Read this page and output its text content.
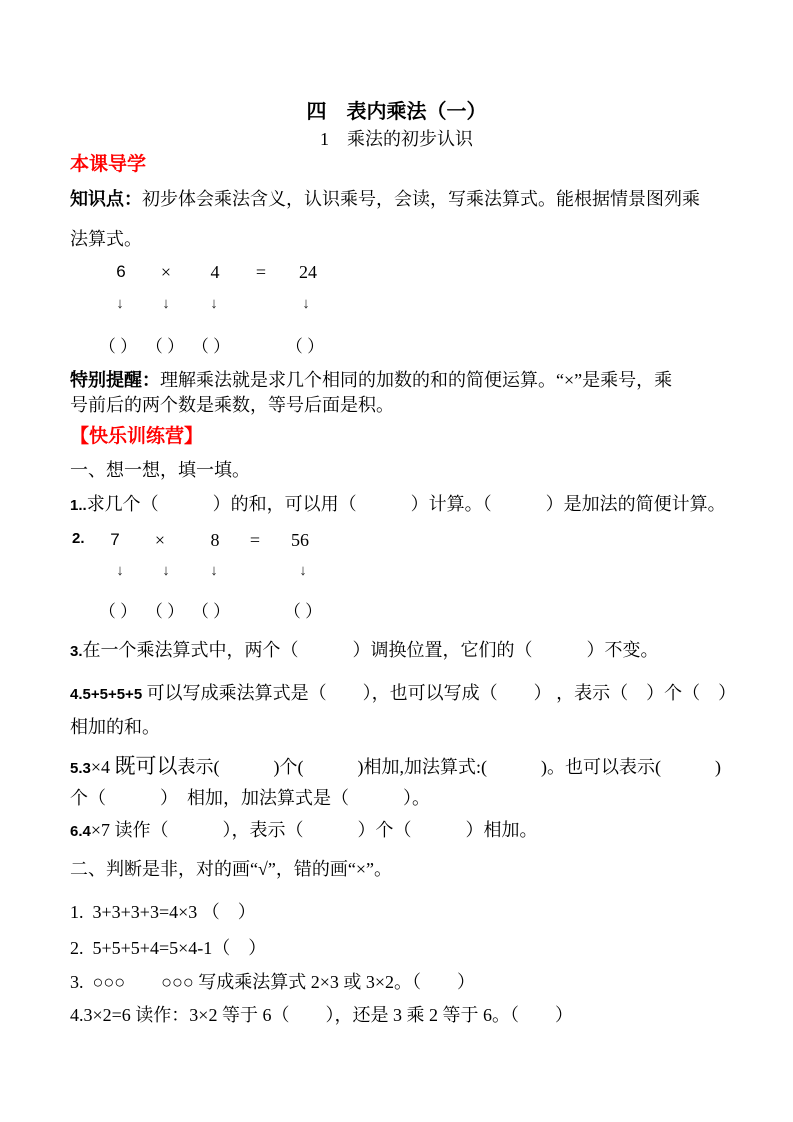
四　表内乘法（一）
1　乘法的初步认识
本课导学
知识点：初步体会乘法含义，认识乘号，会读，写乘法算式。能根据情景图列乘
法算式。
6 × 4 = 24
↓	↓	↓	↓
（ ） （ ） （ ）	（ ）
特别提醒：理解乘法就是求几个相同的加数的和的简便运算。“×”是乘号，乘
号前后的两个数是乘数，等号后面是积。
【快乐训练营】
一、想一想，填一填。
1..求几个（　　　）的和，可以用（　　　）计算。（　　　）是加法的简便计算。
2. 7 ×	8 = 56
↓	↓	↓	↓
（ ） （ ） （ ）	（ ）
3.在一个乘法算式中，两个（　　　）调换位置，它们的（　　　）不变。
4.5+5+5+5 可以写成乘法算式是（　　），也可以写成（　　） ，表示（　）个（　）
相加的和。
5.3×4 既可以表示(　　　)个(　　　)相加,加法算式:(　　　)。也可以表示(　　　)
个（　　　）  相加，加法算式是（　　　）。
6.4×7 读作（　　　），表示（　　　）个（　　　）相加。
二、判断是非，对的画“√”，错的画“×”。
1.  3+3+3+3=4×3 （　）
2.  5+5+5+4=5×4-1（　）
3.  ○○○　　○○○ 写成乘法算式 2×3 或 3×2。（　　）
4.3×2=6 读作：3×2 等于 6（　　），还是 3 乘 2 等于 6。（　　）
